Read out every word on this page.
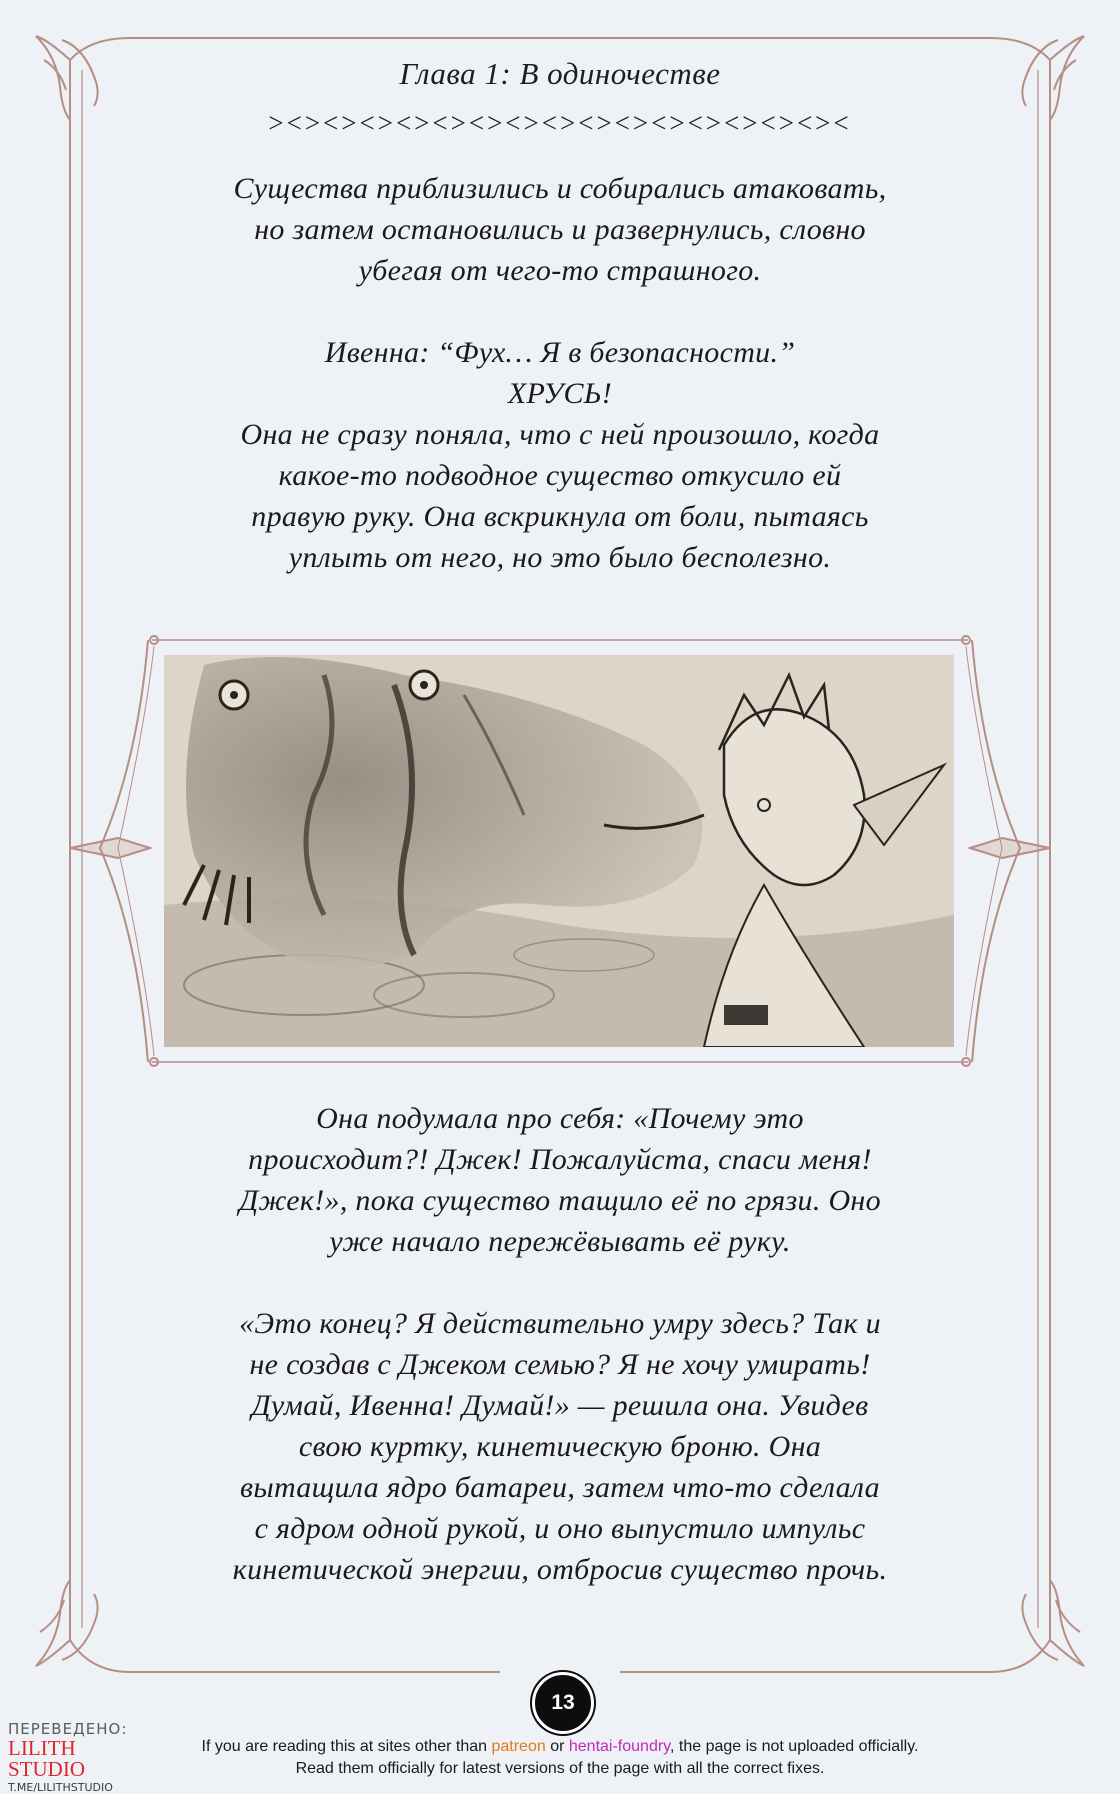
Глава 1: В одиночестве
><><><><><><><><><><><><><><><><

Существа приблизились и собирались атаковать,

но затем остановились и развернулись, словно

убегая от чего-то страшного.

Ивенна: “Фух… Я в безопасности.”

ХРУСЬ!

Она не сразу поняла, что с ней произошло, когда

какое-то подводное существо откусило ей

правую руку. Она вскрикнула от боли, пытаясь

уплыть от него, но это было бесполезно.

Она подумала про себя: «Почему это

происходит?! Джек! Пожалуйста, спаси меня!

Джек!», пока существо тащило её по грязи. Оно

уже начало пережёвывать её руку.

«Это конец? Я действительно умру здесь? Так и

не создав с Джеком семью? Я не хочу умирать!

Думай, Ивенна! Думай!» — решила она. Увидев

свою куртку, кинетическую броню. Она

вытащила ядро батареи, затем что-то сделала

с ядром одной рукой, и оно выпустило импульс

кинетической энергии, отбросив существо прочь.

13
ПЕРЕВЕДЕНО:
LILITH STUDIO
T.ME/LILITHSTUDIO

If you are reading this at sites other than patreon or hentai-foundry, the page is not uploaded officially.

Read them officially for latest versions of the page with all the correct fixes.
